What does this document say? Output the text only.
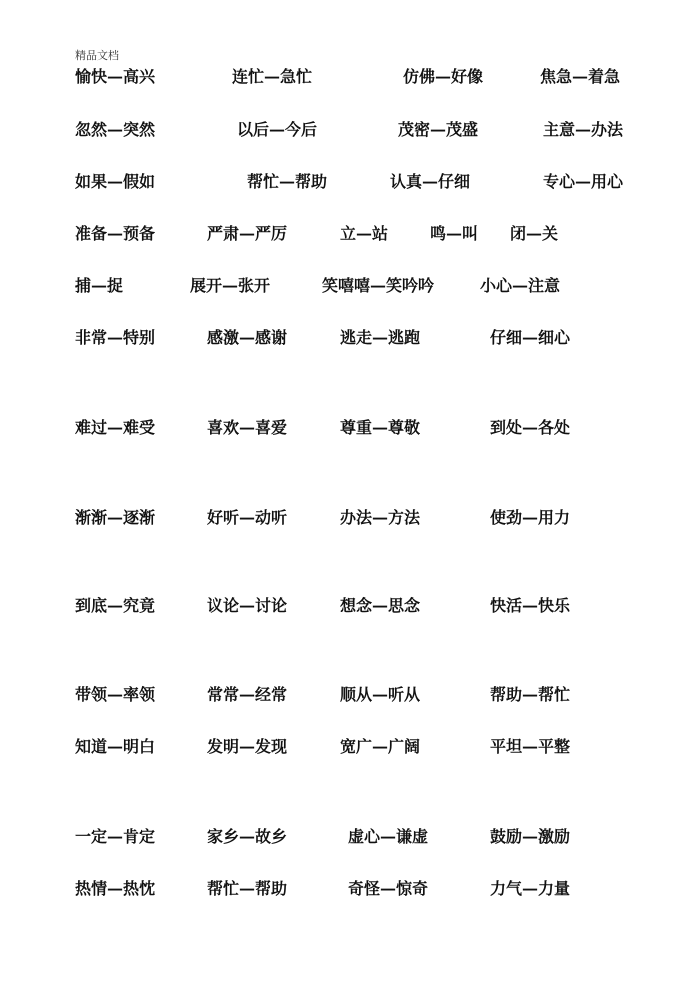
精品文档
愉快—高兴	连忙—急忙	仿佛—好像	焦急—着急
忽然—突然	以后—今后	茂密—茂盛	主意—办法
如果—假如	帮忙—帮助	认真—仔细	专心—用心
准备—预备	严肃—严厉	立—站	鸣—叫 闭—关
捕—捉	展开—张开	笑嘻嘻—笑吟吟	小心—注意
非常—特别	感激—感谢	逃走—逃跑	仔细—细心
难过—难受	喜欢—喜爱	尊重—尊敬	到处—各处
渐渐—逐渐	好听—动听	办法—方法	使劲—用力
到底—究竟	议论—讨论	想念—思念	快活—快乐
带领—率领	常常—经常	顺从—听从	帮助—帮忙
知道—明白	发明—发现	宽广—广阔	平坦—平整
一定—肯定	家乡—故乡	虚心—谦虚	鼓励—激励
热情—热忱	帮忙—帮助	奇怪—惊奇	力气—力量
